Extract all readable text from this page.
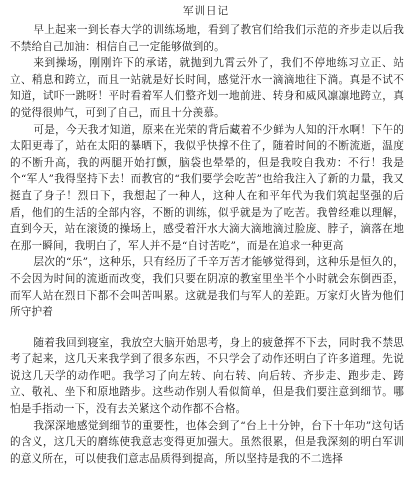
军训日记

早上起来一到长春大学的训练场地，看到了教官们给我们示范的齐步走以后我不禁给自己加油：相信自己一定能够做到的。

来到操场，刚刚许下的承诺，就抛到九霄云外了，我们不停地练习立正、站立、稍息和跨立，而且一站就是好长时间，感觉汗水一滴滴地往下淌。真是不试不知道，试吓一跳呀！平时看着军人们整齐划一地前进、转身和威风凛凛地跨立，真的觉得很帅气，可到了自己，而且十分羡慕。

可是，今天我才知道，原来在光荣的背后藏着不少鲜为人知的汗水啊！下午的太阳更毒了，站在太阳的暴晒下，我似乎快撑不住了，随着时间的不断流逝，温度的不断升高，我的两腿开始打颤，脑袋也晕晕的，但是我咬自我劝：不行！我是个“军人”我得坚持下去！而教官的“我们要学会吃苦”也给我注入了新的力量，我又挺直了身子！烈日下，我想起了一种人，这种人在和平年代为我们筑起坚强的后盾，他们的生活的全部内容，不断的训练，似乎就是为了吃苦。我曾经难以理解，直到今天，站在滚烫的操场上，感受着汗水大滴大滴地滴过脸庞、脖子，滴落在地在那一瞬间，我明白了，军人并不是“自讨苦吃”，而是在追求一种更高

层次的“乐”，这种乐，只有经历了千辛万苦才能够觉得到，这种乐是恒久的，不会因为时间的流逝而改变，我们只要在阴凉的教室里坐半个小时就会东倒西歪，而军人站在烈日下都不会叫苦叫累。这就是我们与军人的差距。万家灯火皆为他们所守护着

随着我回到寝室，我放空大脑开始思考，身上的疲惫挥不下去，同时我不禁思考了起来，这几天来我学到了很多东西，不只学会了动作还明白了许多道理。先说说这几天学的动作吧。我学习了向左转、向右转、向后转、齐步走、跑步走、跨立、敬礼、坐下和原地踏步。这些动作别人看似简单，但是我们要注意到细节。哪怕是手指动一下，没有去关紧这个动作都不合格。

我深深地感觉到细节的重要性，也体会到了“台上十分钟，台下十年功”这句话的含义，这几天的磨练使我意志变得更加强大。虽然很累，但是我深刻的明白军训的意义所在，可以使我们意志品质得到提高，所以坚持是我的不二选择
